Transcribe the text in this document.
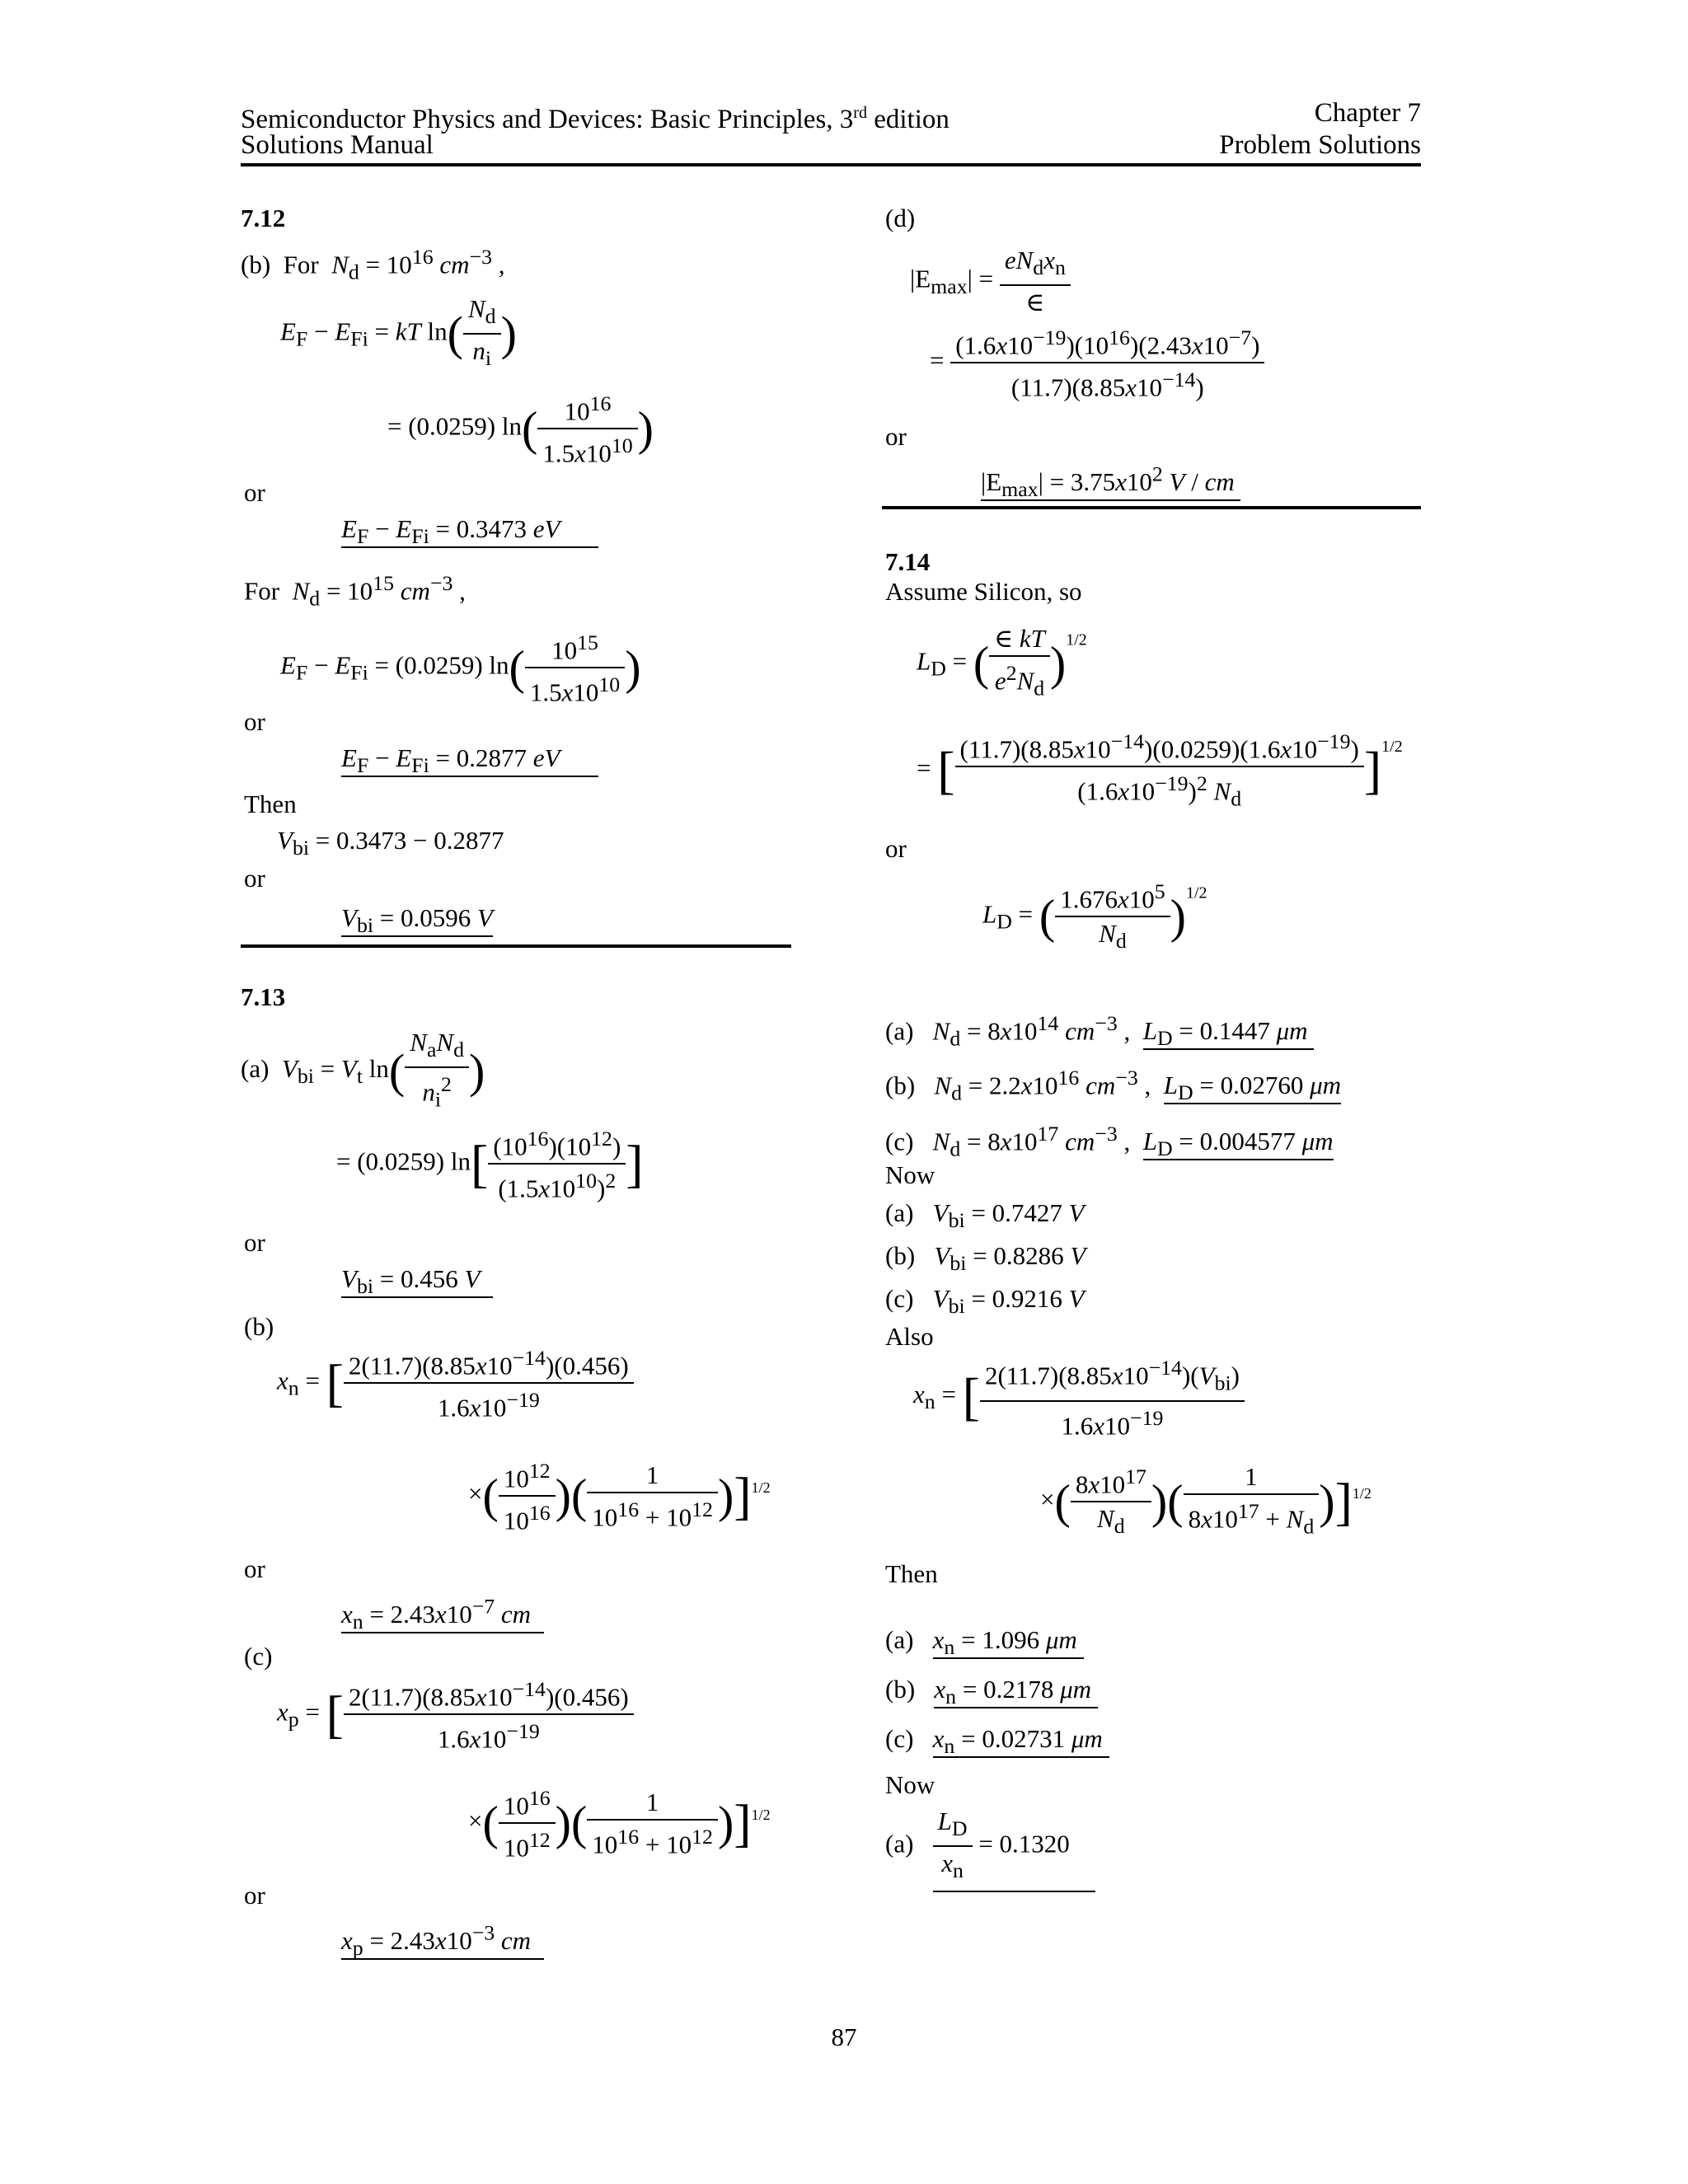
Semiconductor Physics and Devices: Basic Principles, 3rd edition
Solutions Manual
Chapter 7
Problem Solutions
7.12
(b)  For  $N_d = 10^{16}$ $cm^{-3}$ ,
$E_F - E_{Fi}$ = kT $\ln( \frac{N_d}{n_i}$ )
= (0.0259) $\ln( \frac{10^{16}}{1.5x10^{10}}$ )
or
$E_F - E_{Fi} = 0.3473$ eV
For  $N_d = 10^{15}$ $cm^{-3}$ ,
$E_F - E_{Fi} = (0.0259)$ $\ln( \frac{10^{15}}{1.5x10^{10}}$ )
or
$E_F - E_{Fi} = 0.2877$ eV
Then
$V_{bi} = 0.3473 - 0.2877$
or
$V_{bi} = 0.0596$ V
7.13
(a)  $V_{bi} = V_t$ $\ln( \frac{N_aN_d}{n_i^2}$ )
= (0.0259) $\ln[ \frac{(10^{16})(10^{12})}{(1.5x10^{10})^2}$ ]
or
$V_{bi} = 0.456$ V
(b)
$x_n$ = [ $\frac{2(11.7)(8.85x10^{-14})(0.456)}{1.6x10^{-19}}$
×( $\frac{10^{12}}{10^{16}}$ )( $\frac{1}{10^{16} + 10^{12}} )]^{1/2}$
or
$x_n = 2.43x10^{-7}$ cm
(c)
$x_p$ = [ $\frac{2(11.7)(8.85x10^{-14})(0.456)}{1.6x10^{-19}}$
×( $\frac{10^{16}}{10^{12}}$ )( $\frac{1}{10^{16} + 10^{12}} )]^{1/2}$
or
$x_p = 2.43x10^{-3}$ cm
(d)
$|E_{max}| = \frac{eN_dx_n}{\in}$
= $\frac{(1.6x10^{-19})(10^{16})(2.43x10^{-7})}{(11.7)(8.85x10^{-14})}$
or
$|E_{max}| = 3.75x10^2$ V / cm
7.14
Assume Silicon, so
$L_D$ = ( $\frac{\in kT}{e^2N_d} )^{1/2}$
= [ $\frac{(11.7)(8.85x10^{-14})(0.0259)(1.6x10^{-19})}{(1.6x10^{-19})^2 N_d} ]^{1/2}$
or
$L_D$ = ( $\frac{1.676x10^5}{N_d} )^{1/2}$
(a)   $N_d = 8x10^{14}$ $cm^{-3}$ ,  $L_D = 0.1447$ μm
(b)   $N_d = 2.2x10^{16}$ $cm^{-3}$ ,  $L_D = 0.02760$ μm
(c)   $N_d = 8x10^{17}$ $cm^{-3}$ ,  $L_D = 0.004577$ μm
Now
(a)   $V_{bi} = 0.7427$ V
(b)   $V_{bi} = 0.8286$ V
(c)   $V_{bi} = 0.9216$ V
Also
$x_n$ = [ $\frac{2(11.7)(8.85x10^{-14})(V_{bi})}{1.6x10^{-19}}$
×( $\frac{8x10^{17}}{N_d}$ )( $\frac{1}{8x10^{17} + N_d} )]^{1/2}$
Then
(a)   $x_n = 1.096$ μm
(b)   $x_n = 0.2178$ μm
(c)   $x_n = 0.02731$ μm
Now
$(a) \frac{L_D}{x_n} = 0.1320$
87
